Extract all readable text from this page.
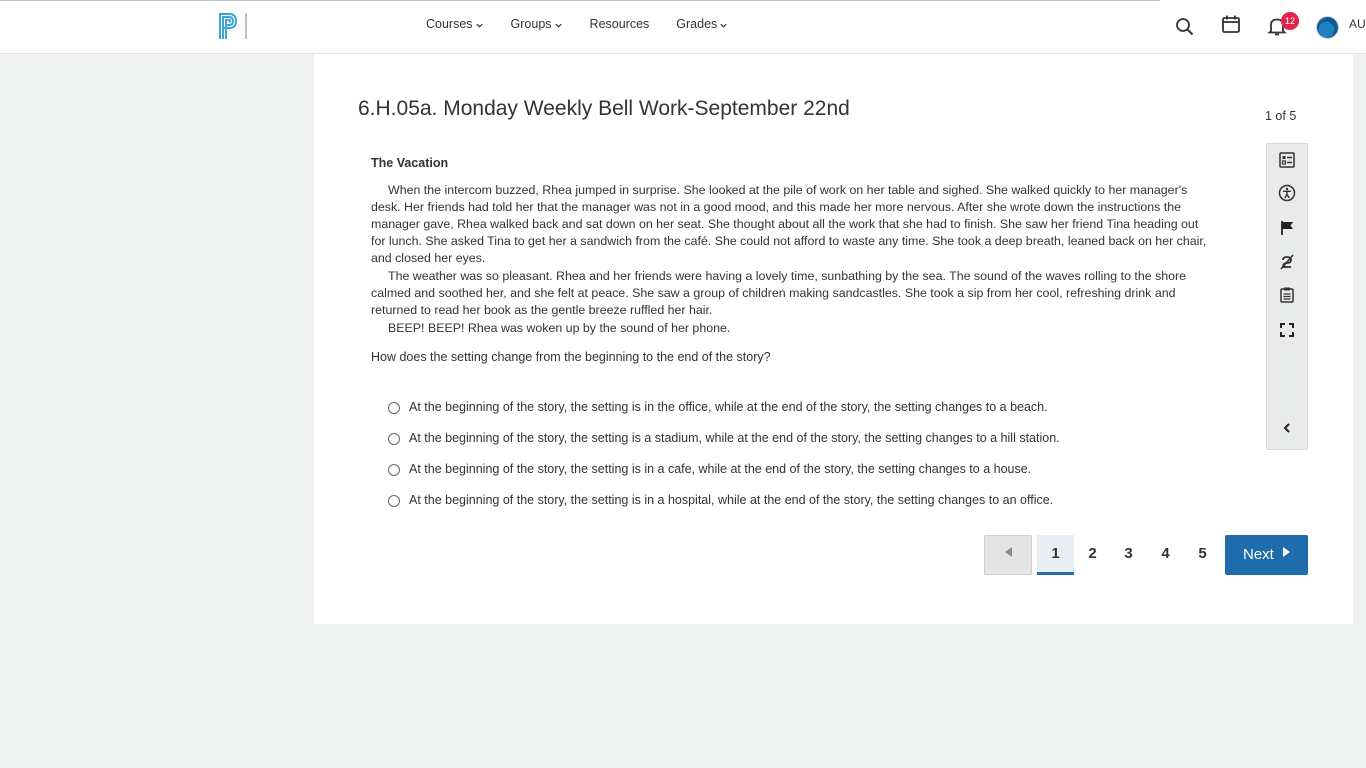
Courses	Groups	Resources Grades	12	AU
6.H.05a. Monday Weekly Bell Work-September 22nd	1 of 5
The Vacation

When the intercom buzzed, Rhea jumped in surprise. She looked at the pile of work on her table and sighed. She walked quickly to her manager's desk. Her friends had told her that the manager was not in a good mood, and this made her more nervous. After she wrote down the instructions the manager gave, Rhea walked back and sat down on her seat. She thought about all the work that she had to finish. She saw her friend Tina heading out for lunch. She asked Tina to get her a sandwich from the café. She could not afford to waste any time. She took a deep breath, leaned back on her chair, and closed her eyes.

The weather was so pleasant. Rhea and her friends were having a lovely time, sunbathing by the sea. The sound of the waves rolling to the shore calmed and soothed her, and she felt at peace. She saw a group of children making sandcastles. She took a sip from her cool, refreshing drink and returned to read her book as the gentle breeze ruffled her hair.

BEEP! BEEP! Rhea was woken up by the sound of her phone.

How does the setting change from the beginning to the end of the story?
At the beginning of the story, the setting is in the office, while at the end of the story, the setting changes to a beach.
At the beginning of the story, the setting is a stadium, while at the end of the story, the setting changes to a hill station.
At the beginning of the story, the setting is in a cafe, while at the end of the story, the setting changes to a house.
At the beginning of the story, the setting is in a hospital, while at the end of the story, the setting changes to an office.
1	2	3	4	5	Next
